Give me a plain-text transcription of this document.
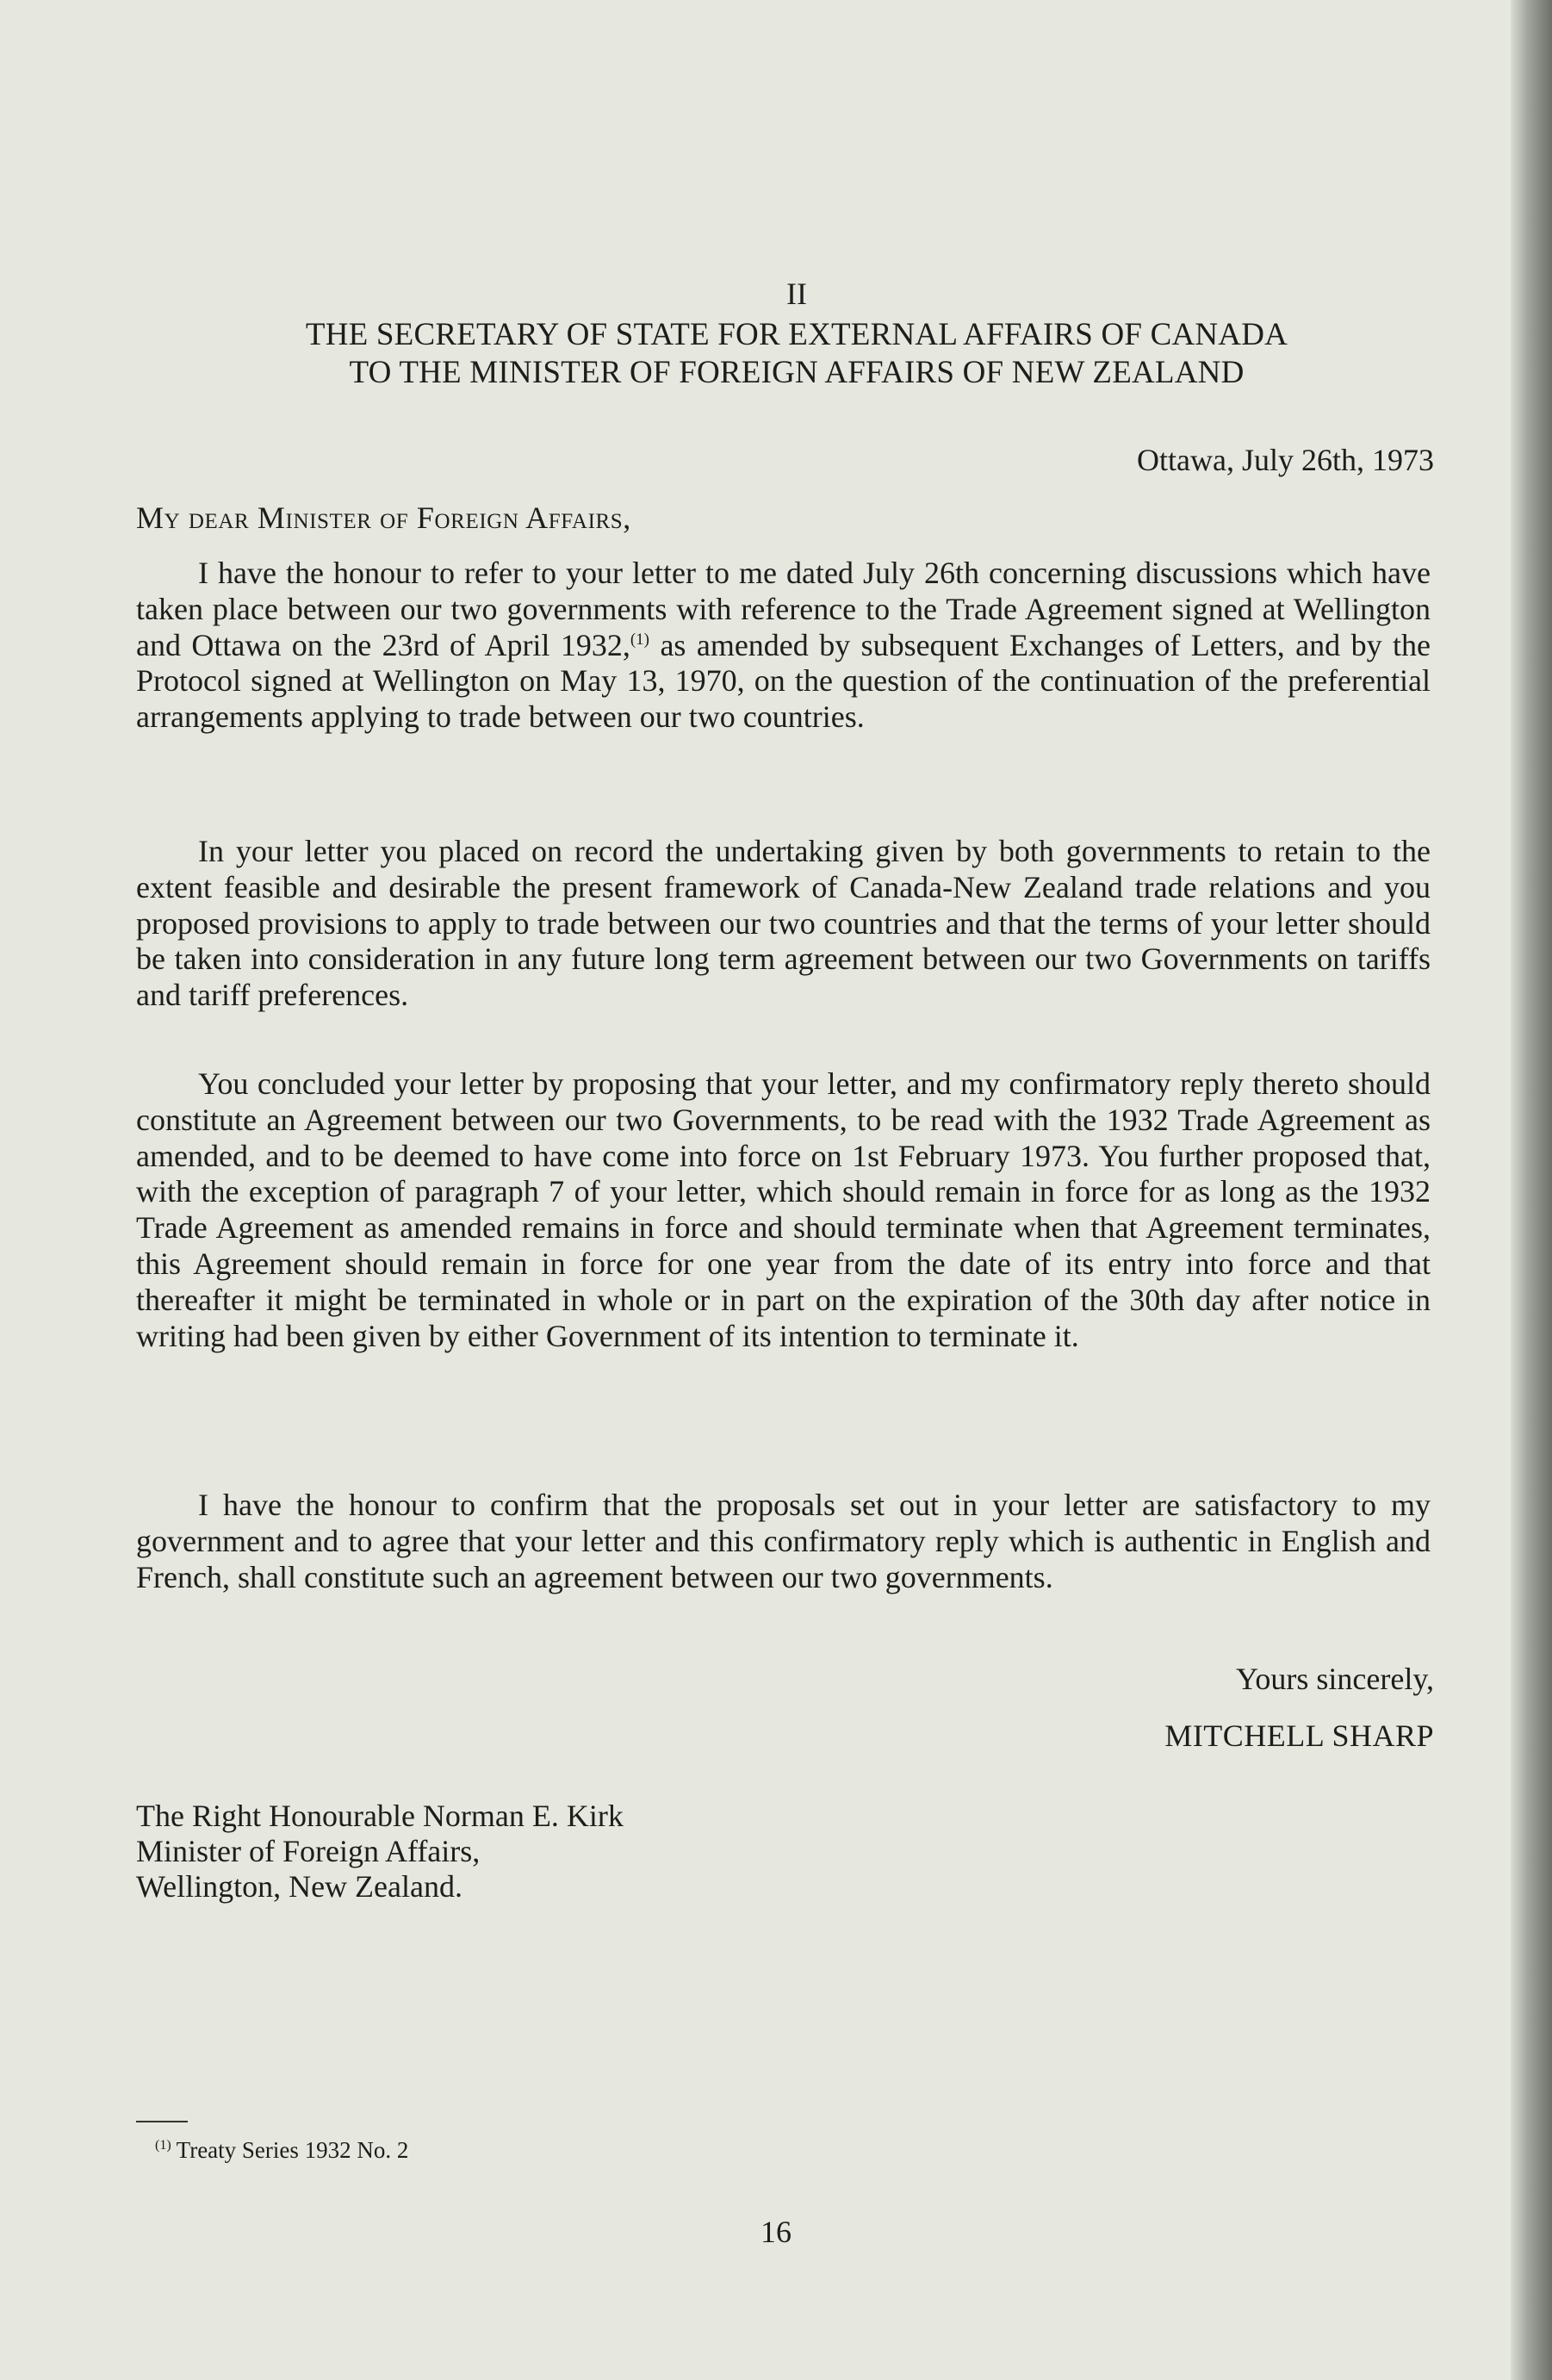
II
THE SECRETARY OF STATE FOR EXTERNAL AFFAIRS OF CANADA
TO THE MINISTER OF FOREIGN AFFAIRS OF NEW ZEALAND
Ottawa, July 26th, 1973
My dear Minister of Foreign Affairs,
I have the honour to refer to your letter to me dated July 26th concerning discussions which have taken place between our two governments with reference to the Trade Agreement signed at Wellington and Ottawa on the 23rd of April 1932,$^{(1)}$ as amended by subsequent Exchanges of Letters, and by the Protocol signed at Wellington on May 13, 1970, on the question of the continuation of the preferential arrangements applying to trade between our two countries.
In your letter you placed on record the undertaking given by both governments to retain to the extent feasible and desirable the present framework of Canada-New Zealand trade relations and you proposed provisions to apply to trade between our two countries and that the terms of your letter should be taken into consideration in any future long term agreement between our two Governments on tariffs and tariff preferences.
You concluded your letter by proposing that your letter, and my confirmatory reply thereto should constitute an Agreement between our two Governments, to be read with the 1932 Trade Agreement as amended, and to be deemed to have come into force on 1st February 1973. You further proposed that, with the exception of paragraph 7 of your letter, which should remain in force for as long as the 1932 Trade Agreement as amended remains in force and should terminate when that Agreement terminates, this Agreement should remain in force for one year from the date of its entry into force and that thereafter it might be terminated in whole or in part on the expiration of the 30th day after notice in writing had been given by either Government of its intention to terminate it.
I have the honour to confirm that the proposals set out in your letter are satisfactory to my government and to agree that your letter and this confirmatory reply which is authentic in English and French, shall constitute such an agreement between our two governments.
Yours sincerely,
MITCHELL SHARP
The Right Honourable Norman E. Kirk
Minister of Foreign Affairs,
Wellington, New Zealand.
$^{(1)}$ Treaty Series 1932 No. 2
16
